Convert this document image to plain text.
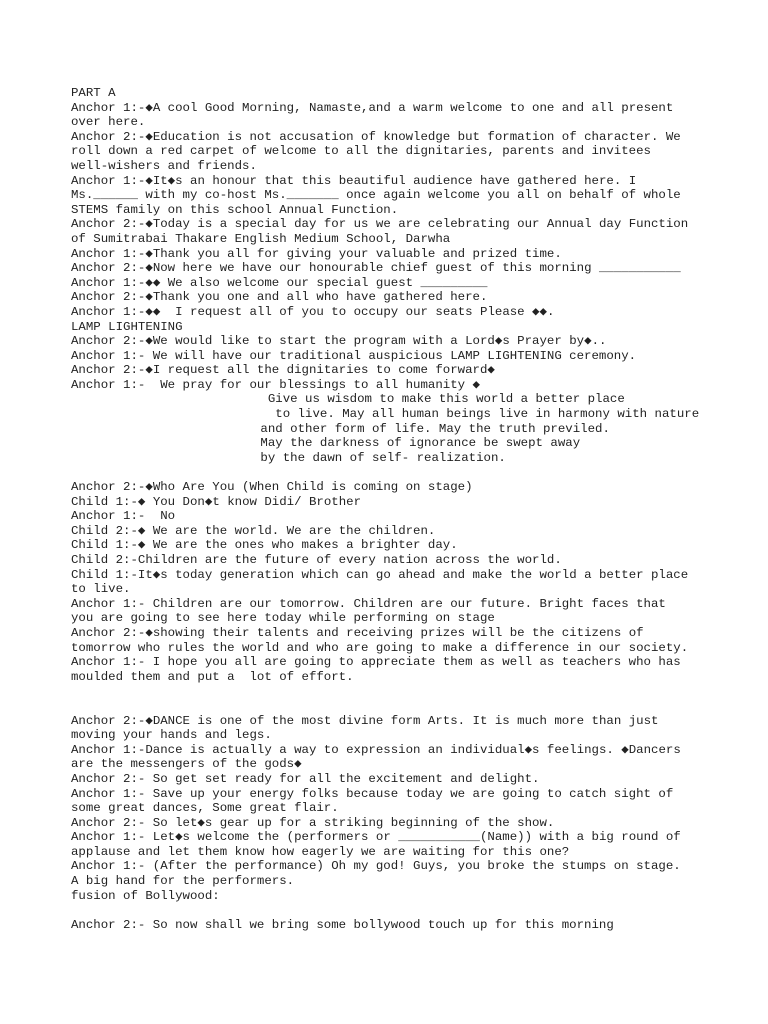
PART A
Anchor 1:-◆A cool Good Morning, Namaste,and a warm welcome to one and all present
over here.
Anchor 2:-◆Education is not accusation of knowledge but formation of character. We
roll down a red carpet of welcome to all the dignitaries, parents and invitees
well-wishers and friends.
Anchor 1:-◆It◆s an honour that this beautiful audience have gathered here. I
Ms.______ with my co-host Ms._______ once again welcome you all on behalf of whole
STEMS family on this school Annual Function.
Anchor 2:-◆Today is a special day for us we are celebrating our Annual day Function
of Sumitrabai Thakare English Medium School, Darwha
Anchor 1:-◆Thank you all for giving your valuable and prized time.
Anchor 2:-◆Now here we have our honourable chief guest of this morning ___________
Anchor 1:-◆◆ We also welcome our special guest _________
Anchor 2:-◆Thank you one and all who have gathered here.
Anchor 1:-◆◆  I request all of you to occupy our seats Please ◆◆.
LAMP LIGHTENING
Anchor 2:-◆We would like to start the program with a Lord◆s Prayer by◆..
Anchor 1:- We will have our traditional auspicious LAMP LIGHTENING ceremony.
Anchor 2:-◆I request all the dignitaries to come forward◆
Anchor 1:-  We pray for our blessings to all humanity ◆
Give us wisdom to make this world a better place
to live. May all human beings live in harmony with nature
and other form of life. May the truth previled.
May the darkness of ignorance be swept away
by the dawn of self- realization.
Anchor 2:-◆Who Are You (When Child is coming on stage)
Child 1:-◆ You Don◆t know Didi/ Brother
Anchor 1:-  No
Child 2:-◆ We are the world. We are the children.
Child 1:-◆ We are the ones who makes a brighter day.
Child 2:-Children are the future of every nation across the world.
Child 1:-It◆s today generation which can go ahead and make the world a better place
to live.
Anchor 1:- Children are our tomorrow. Children are our future. Bright faces that
you are going to see here today while performing on stage
Anchor 2:-◆showing their talents and receiving prizes will be the citizens of
tomorrow who rules the world and who are going to make a difference in our society.
Anchor 1:- I hope you all are going to appreciate them as well as teachers who has
moulded them and put a  lot of effort.
Anchor 2:-◆DANCE is one of the most divine form Arts. It is much more than just
moving your hands and legs.
Anchor 1:-Dance is actually a way to expression an individual◆s feelings. ◆Dancers
are the messengers of the gods◆
Anchor 2:- So get set ready for all the excitement and delight.
Anchor 1:- Save up your energy folks because today we are going to catch sight of
some great dances, Some great flair.
Anchor 2:- So let◆s gear up for a striking beginning of the show.
Anchor 1:- Let◆s welcome the (performers or ___________(Name)) with a big round of
applause and let them know how eagerly we are waiting for this one?
Anchor 1:- (After the performance) Oh my god! Guys, you broke the stumps on stage.
A big hand for the performers.
fusion of Bollywood:
Anchor 2:- So now shall we bring some bollywood touch up for this morning
